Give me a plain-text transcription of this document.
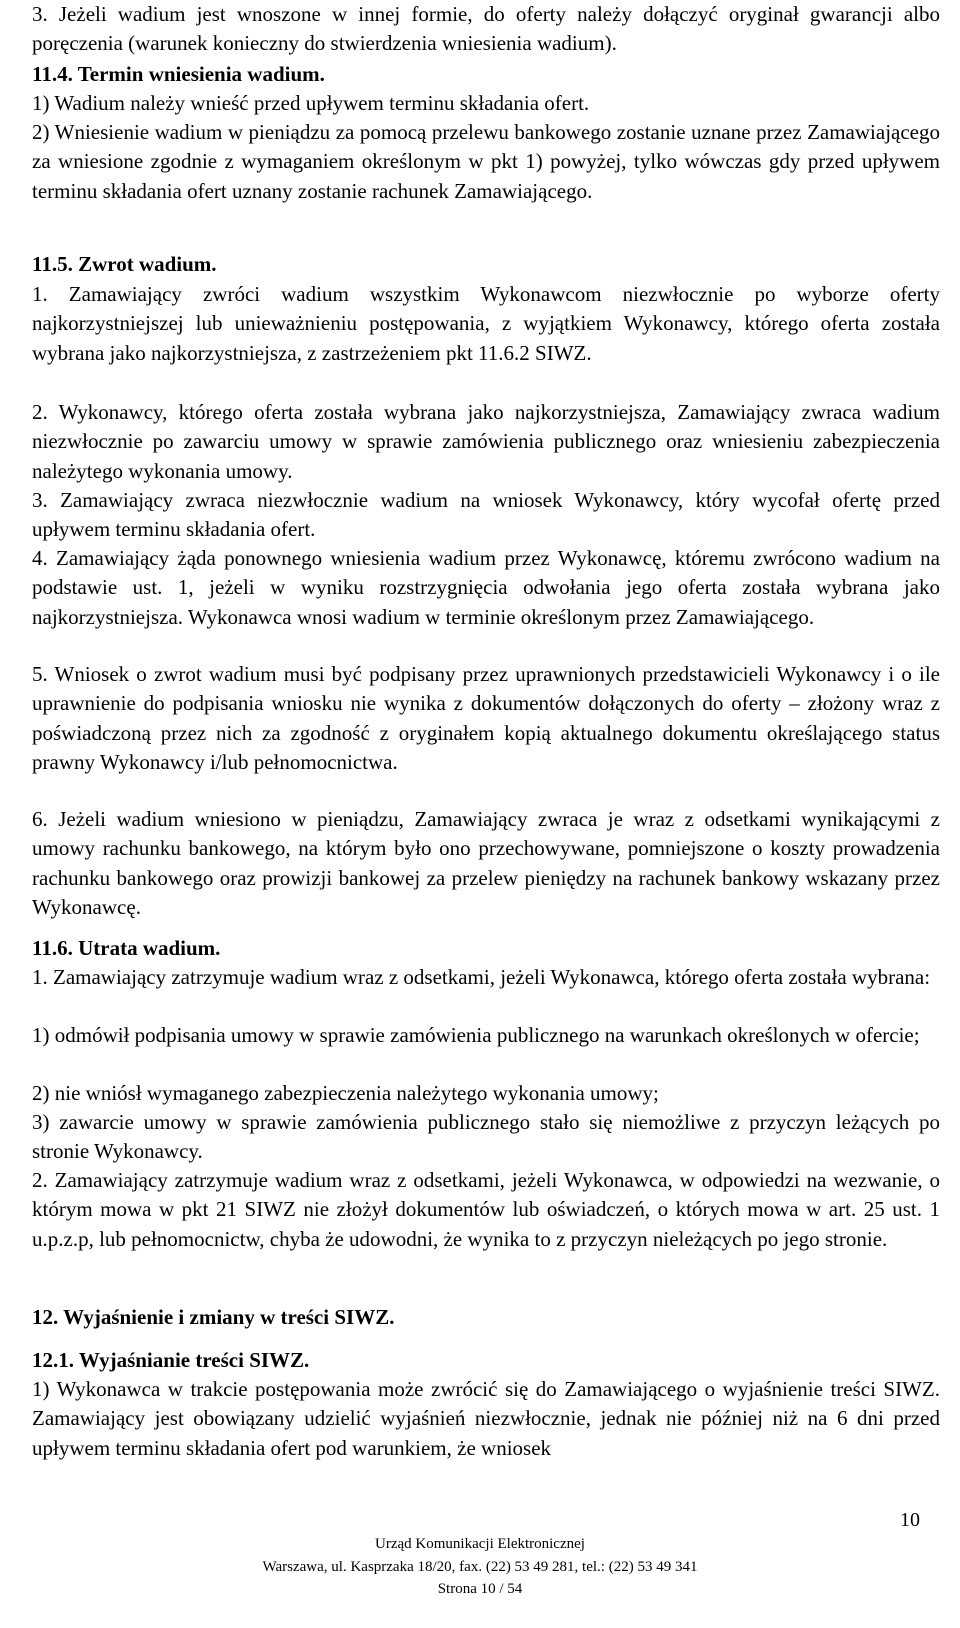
3. Jeżeli wadium jest wnoszone w innej formie, do oferty należy dołączyć oryginał gwarancji albo poręczenia (warunek konieczny do stwierdzenia wniesienia wadium).

11.4. Termin wniesienia wadium.

1) Wadium należy wnieść przed upływem terminu składania ofert.

2) Wniesienie wadium w pieniądzu za pomocą przelewu bankowego zostanie uznane przez Zamawiającego za wniesione zgodnie z wymaganiem określonym w pkt 1) powyżej, tylko wówczas gdy przed upływem terminu składania ofert uznany zostanie rachunek Zamawiającego.

11.5. Zwrot wadium.

1. Zamawiający zwróci wadium wszystkim Wykonawcom niezwłocznie po wyborze oferty najkorzystniejszej lub unieważnieniu postępowania, z wyjątkiem Wykonawcy, którego oferta została wybrana jako najkorzystniejsza, z zastrzeżeniem pkt 11.6.2 SIWZ.

2. Wykonawcy, którego oferta została wybrana jako najkorzystniejsza, Zamawiający zwraca wadium niezwłocznie po zawarciu umowy w sprawie zamówienia publicznego oraz wniesieniu zabezpieczenia należytego wykonania umowy.

3. Zamawiający zwraca niezwłocznie wadium na wniosek Wykonawcy, który wycofał ofertę przed upływem terminu składania ofert.

4. Zamawiający żąda ponownego wniesienia wadium przez Wykonawcę, któremu zwrócono wadium na podstawie ust. 1, jeżeli w wyniku rozstrzygnięcia odwołania jego oferta została wybrana jako najkorzystniejsza. Wykonawca wnosi wadium w terminie określonym przez Zamawiającego.

5. Wniosek o zwrot wadium musi być podpisany przez uprawnionych przedstawicieli Wykonawcy i o ile uprawnienie do podpisania wniosku nie wynika z dokumentów dołączonych do oferty – złożony wraz z poświadczoną przez nich za zgodność z oryginałem kopią aktualnego dokumentu określającego status prawny Wykonawcy i/lub pełnomocnictwa.

6. Jeżeli wadium wniesiono w pieniądzu, Zamawiający zwraca je wraz z odsetkami wynikającymi z umowy rachunku bankowego, na którym było ono przechowywane, pomniejszone o koszty prowadzenia rachunku bankowego oraz prowizji bankowej za przelew pieniędzy na rachunek bankowy wskazany przez Wykonawcę.

11.6. Utrata wadium.

1. Zamawiający zatrzymuje wadium wraz z odsetkami, jeżeli Wykonawca, którego oferta została wybrana:

1) odmówił podpisania umowy w sprawie zamówienia publicznego na warunkach określonych w ofercie;

2) nie wniósł wymaganego zabezpieczenia należytego wykonania umowy;

3) zawarcie umowy w sprawie zamówienia publicznego stało się niemożliwe z przyczyn leżących po stronie Wykonawcy.

2. Zamawiający zatrzymuje wadium wraz z odsetkami, jeżeli Wykonawca, w odpowiedzi na wezwanie, o którym mowa w pkt 21 SIWZ nie złożył dokumentów lub oświadczeń, o których mowa w art. 25 ust. 1 u.p.z.p, lub pełnomocnictw, chyba że udowodni, że wynika to z przyczyn nieleżących po jego stronie.

12. Wyjaśnienie i zmiany w treści SIWZ.

12.1. Wyjaśnianie treści SIWZ.

1) Wykonawca w trakcie postępowania może zwrócić się do Zamawiającego o wyjaśnienie treści SIWZ. Zamawiający jest obowiązany udzielić wyjaśnień niezwłocznie, jednak nie później niż na 6 dni przed upływem terminu składania ofert pod warunkiem, że wniosek

Urząd Komunikacji Elektronicznej
Warszawa, ul. Kasprzaka 18/20, fax. (22) 53 49 281, tel.: (22) 53 49 341
Strona 10 / 54
10
